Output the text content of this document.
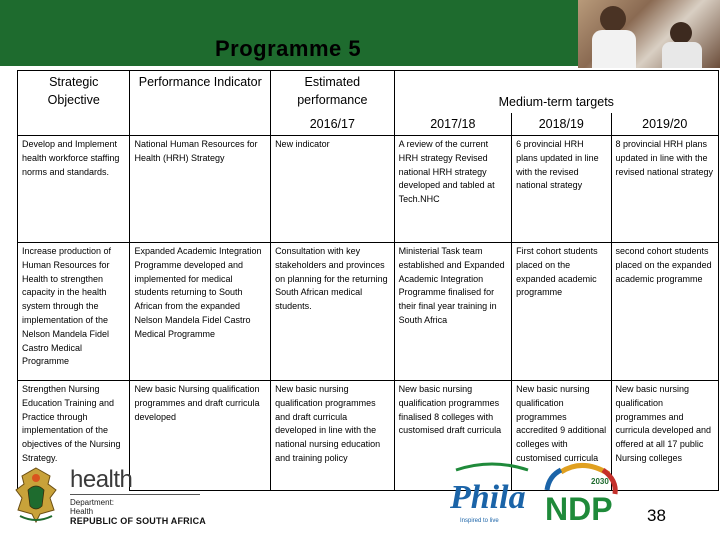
Programme 5
Strategic Objective	Performance Indicator	Estimated performance	Medium-term targets		
		2016/17	2017/18	2018/19	2019/20
Develop and Implement health workforce staffing norms and standards.	National Human Resources for Health (HRH) Strategy	New indicator	A review of the current HRH strategy Revised national HRH strategy developed and tabled at Tech.NHC	6 provincial HRH plans updated in line with the revised national strategy	8 provincial HRH plans updated in line with the revised national strategy
Increase production of Human Resources for Health to strengthen capacity in the health system through the implementation of the Nelson Mandela Fidel Castro Medical Programme	Expanded Academic Integration Programme developed and implemented for medical students returning to South African from the expanded Nelson Mandela Fidel Castro Medical Programme	Consultation with key stakeholders and provinces on planning for the returning South African medical students.	Ministerial Task team established and Expanded Academic Integration Programme finalised for their final year training in South Africa	First cohort students placed on the expanded academic programme	second cohort students placed on the expanded academic programme
Strengthen Nursing Education Training and Practice through implementation of the objectives of the Nursing Strategy.	New basic Nursing qualification programmes and draft curricula developed	New basic nursing qualification programmes and draft curricula developed in line with the national nursing education and training policy	New basic nursing qualification programmes finalised 8 colleges with customised draft curricula	New basic nursing qualification programmes accredited 9 additional colleges with customised curricula	New basic nursing qualification programmes and curricula developed and offered at all 17 public Nursing colleges
health
Department:
Health
REPUBLIC OF SOUTH AFRICA
Phila
Inspired to live
2030
NDP 38
